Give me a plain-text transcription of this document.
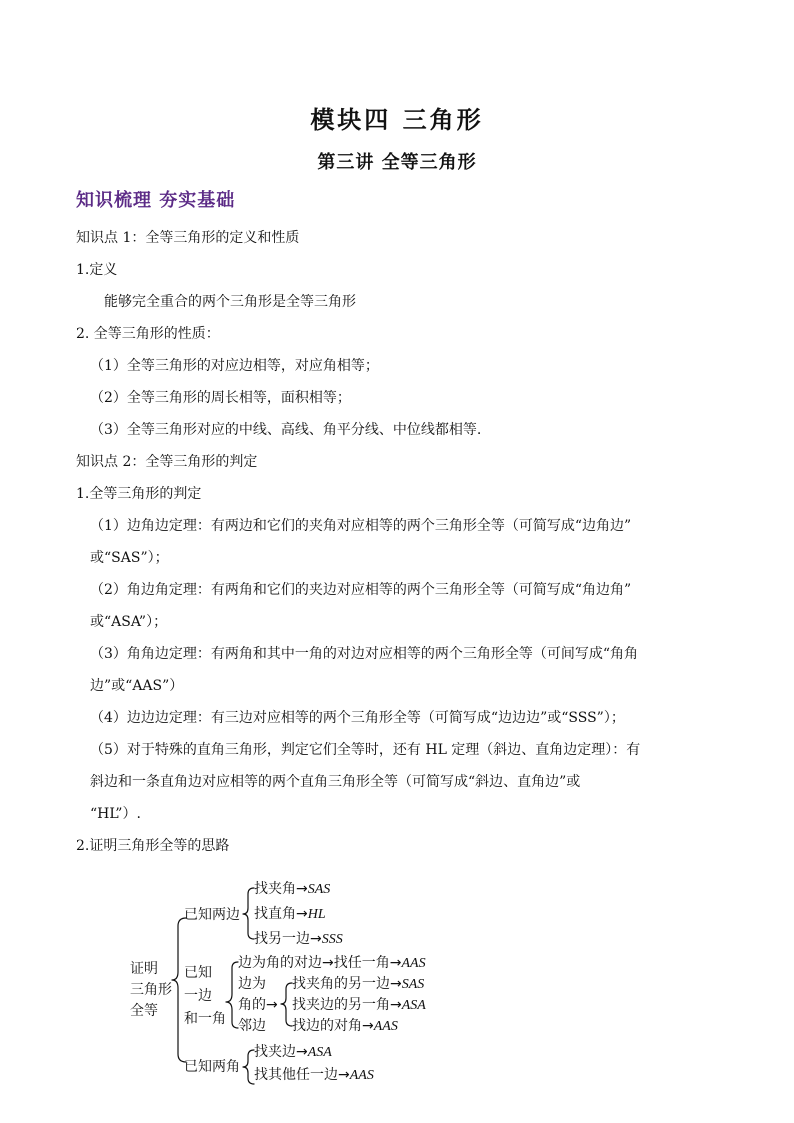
模块四 三角形
第三讲 全等三角形
知识梳理 夯实基础
知识点 1：全等三角形的定义和性质
1.定义
能够完全重合的两个三角形是全等三角形
2. 全等三角形的性质：
（1）全等三角形的对应边相等，对应角相等；
（2）全等三角形的周长相等，面积相等；
（3）全等三角形对应的中线、高线、角平分线、中位线都相等.
知识点 2：全等三角形的判定
1.全等三角形的判定
（1）边角边定理：有两边和它们的夹角对应相等的两个三角形全等（可简写成“边角边”
或“SAS”）；
（2）角边角定理：有两角和它们的夹边对应相等的两个三角形全等（可简写成“角边角”
或“ASA”）；
（3）角角边定理：有两角和其中一角的对边对应相等的两个三角形全等（可间写成“角角
边”或“AAS”）
（4）边边边定理：有三边对应相等的两个三角形全等（可简写成“边边边”或“SSS”）；
（5）对于特殊的直角三角形，判定它们全等时，还有 HL 定理（斜边、直角边定理）：有
斜边和一条直角边对应相等的两个直角三角形全等（可简写成“斜边、直角边”或
“HL”）.
2.证明三角形全等的思路
证明
三角形
全等
已知两边
找夹角→SAS
找直角→HL
找另一边→SSS
已知
一边
和一角
边为角的对边→找任一角→AAS
边为
角的→
邻边
找夹角的另一边→SAS
找夹边的另一角→ASA
找边的对角→AAS
已知两角
找夹边→ASA
找其他任一边→AAS
